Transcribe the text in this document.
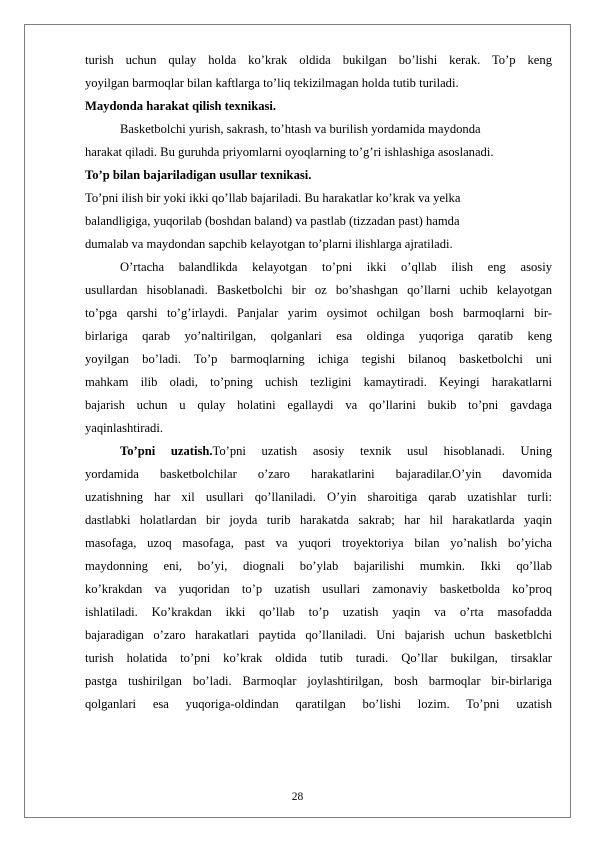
turish uchun qulay holda ko’krak oldida bukilgan bo’lishi kerak. To’p keng
yoyilgan barmoqlar bilan kaftlarga to’liq tekizilmagan holda tutib turiladi.
Maydonda harakat qilish texnikasi.
Basketbolchi yurish, sakrash, to’htash va burilish yordamida maydonda
harakat qiladi. Bu guruhda priyomlarni oyoqlarning to’g’ri ishlashiga asoslanadi.
To’p bilan bajariladigan usullar texnikasi.
To’pni ilish bir yoki ikki qo’llab bajariladi. Bu harakatlar ko’krak va yelka
balandligiga, yuqorilab (boshdan baland) va pastlab (tizzadan past) hamda
dumalab va maydondan sapchib kelayotgan to’plarni ilishlarga ajratiladi.
O’rtacha balandlikda kelayotgan to’pni ikki o’qllab ilish eng asosiy
usullardan hisoblanadi. Basketbolchi bir oz bo’shashgan qo’llarni uchib kelayotgan
to’pga qarshi to’g’irlaydi. Panjalar yarim oysimot ochilgan bosh barmoqlarni bir-
birlariga qarab yo’naltirilgan, qolganlari esa oldinga yuqoriga qaratib keng
yoyilgan bo’ladi. To’p barmoqlarning ichiga tegishi bilanoq basketbolchi uni
mahkam ilib oladi, to’pning uchish tezligini kamaytiradi. Keyingi harakatlarni
bajarish uchun u qulay holatini egallaydi va qo’llarini bukib to’pni gavdaga
yaqinlashtiradi.
To’pni uzatish.To’pni uzatish asosiy texnik usul hisoblanadi. Uning
yordamida basketbolchilar o’zaro harakatlarini bajaradilar.O’yin davomida
uzatishning har xil usullari qo’llaniladi. O’yin sharoitiga qarab uzatishlar turli:
dastlabki holatlardan bir joyda turib harakatda sakrab; har hil harakatlarda yaqin
masofaga, uzoq masofaga, past va yuqori troyektoriya bilan yo’nalish bo’yicha
maydonning eni, bo’yi, diognali bo’ylab bajarilishi mumkin. Ikki qo’llab
ko’krakdan va yuqoridan to’p uzatish usullari zamonaviy basketbolda ko’proq
ishlatiladi. Ko’krakdan ikki qo’llab to’p uzatish yaqin va o’rta masofadda
bajaradigan o’zaro harakatlari paytida qo’llaniladi. Uni bajarish uchun basketblchi
turish holatida to’pni ko’krak oldida tutib turadi. Qo’llar bukilgan, tirsaklar
pastga tushirilgan bo’ladi. Barmoqlar joylashtirilgan, bosh barmoqlar bir-birlariga
qolganlari esa yuqoriga-oldindan qaratilgan bo’lishi lozim. To’pni uzatish
28
